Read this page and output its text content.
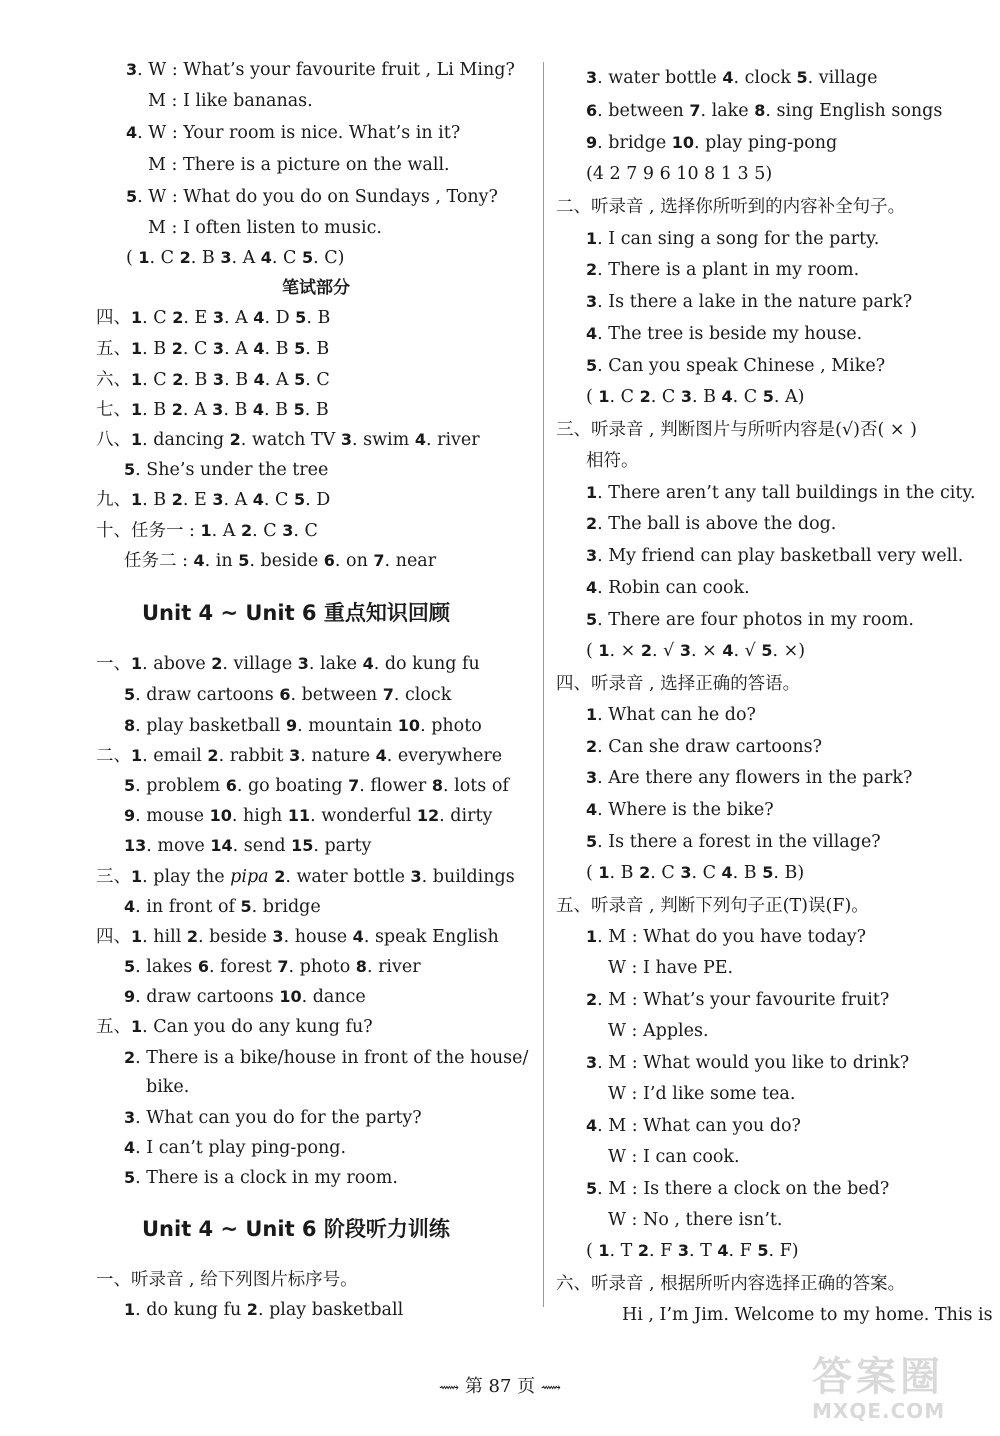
3. W : What’s your favourite fruit , Li Ming?
M : I like bananas.
4. W : Your room is nice. What’s in it?
M : There is a picture on the wall.
5. W : What do you do on Sundays , Tony?
M : I often listen to music.
( 1. C 2. B 3. A 4. C 5. C)
笔试部分
四、1. C 2. E 3. A 4. D 5. B
五、1. B 2. C 3. A 4. B 5. B
六、1. C 2. B 3. B 4. A 5. C
七、1. B 2. A 3. B 4. B 5. B
八、1. dancing 2. watch TV 3. swim 4. river
5. She’s under the tree
九、1. B 2. E 3. A 4. C 5. D
十、任务一 : 1. A 2. C 3. C
任务二 : 4. in 5. beside 6. on 7. near
Unit 4 ~ Unit 6 重点知识回顾
一、1. above 2. village 3. lake 4. do kung fu
5. draw cartoons 6. between 7. clock
8. play basketball 9. mountain 10. photo
二、1. email 2. rabbit 3. nature 4. everywhere
5. problem 6. go boating 7. flower 8. lots of
9. mouse 10. high 11. wonderful 12. dirty
13. move 14. send 15. party
三、1. play the pipa 2. water bottle 3. buildings
4. in front of 5. bridge
四、1. hill 2. beside 3. house 4. speak English
5. lakes 6. forest 7. photo 8. river
9. draw cartoons 10. dance
五、1. Can you do any kung fu?
2. There is a bike/house in front of the house/
bike.
3. What can you do for the party?
4. I can’t play ping-pong.
5. There is a clock in my room.
Unit 4 ~ Unit 6 阶段听力训练
一、听录音 , 给下列图片标序号。
1. do kung fu 2. play basketball
3. water bottle 4. clock 5. village
6. between 7. lake 8. sing English songs
9. bridge 10. play ping-pong
(4 2 7 9 6 10 8 1 3 5)
二、听录音 , 选择你所听到的内容补全句子。
1. I can sing a song for the party.
2. There is a plant in my room.
3. Is there a lake in the nature park?
4. The tree is beside my house.
5. Can you speak Chinese , Mike?
( 1. C 2. C 3. B 4. C 5. A)
三、听录音 , 判断图片与所听内容是(√)否( × )
相符。
1. There aren’t any tall buildings in the city.
2. The ball is above the dog.
3. My friend can play basketball very well.
4. Robin can cook.
5. There are four photos in my room.
( 1. × 2. √ 3. × 4. √ 5. ×)
四、听录音 , 选择正确的答语。
1. What can he do?
2. Can she draw cartoons?
3. Are there any flowers in the park?
4. Where is the bike?
5. Is there a forest in the village?
( 1. B 2. C 3. C 4. B 5. B)
五、听录音 , 判断下列句子正(T)误(F)。
1. M : What do you have today?
W : I have PE.
2. M : What’s your favourite fruit?
W : Apples.
3. M : What would you like to drink?
W : I’d like some tea.
4. M : What can you do?
W : I can cook.
5. M : Is there a clock on the bed?
W : No , there isn’t.
( 1. T 2. F 3. T 4. F 5. F)
六、听录音 , 根据所听内容选择正确的答案。
Hi , I’m Jim. Welcome to my home. This is
⟿ 第 87 页 ⟿	答案圈
MXQE.COM
